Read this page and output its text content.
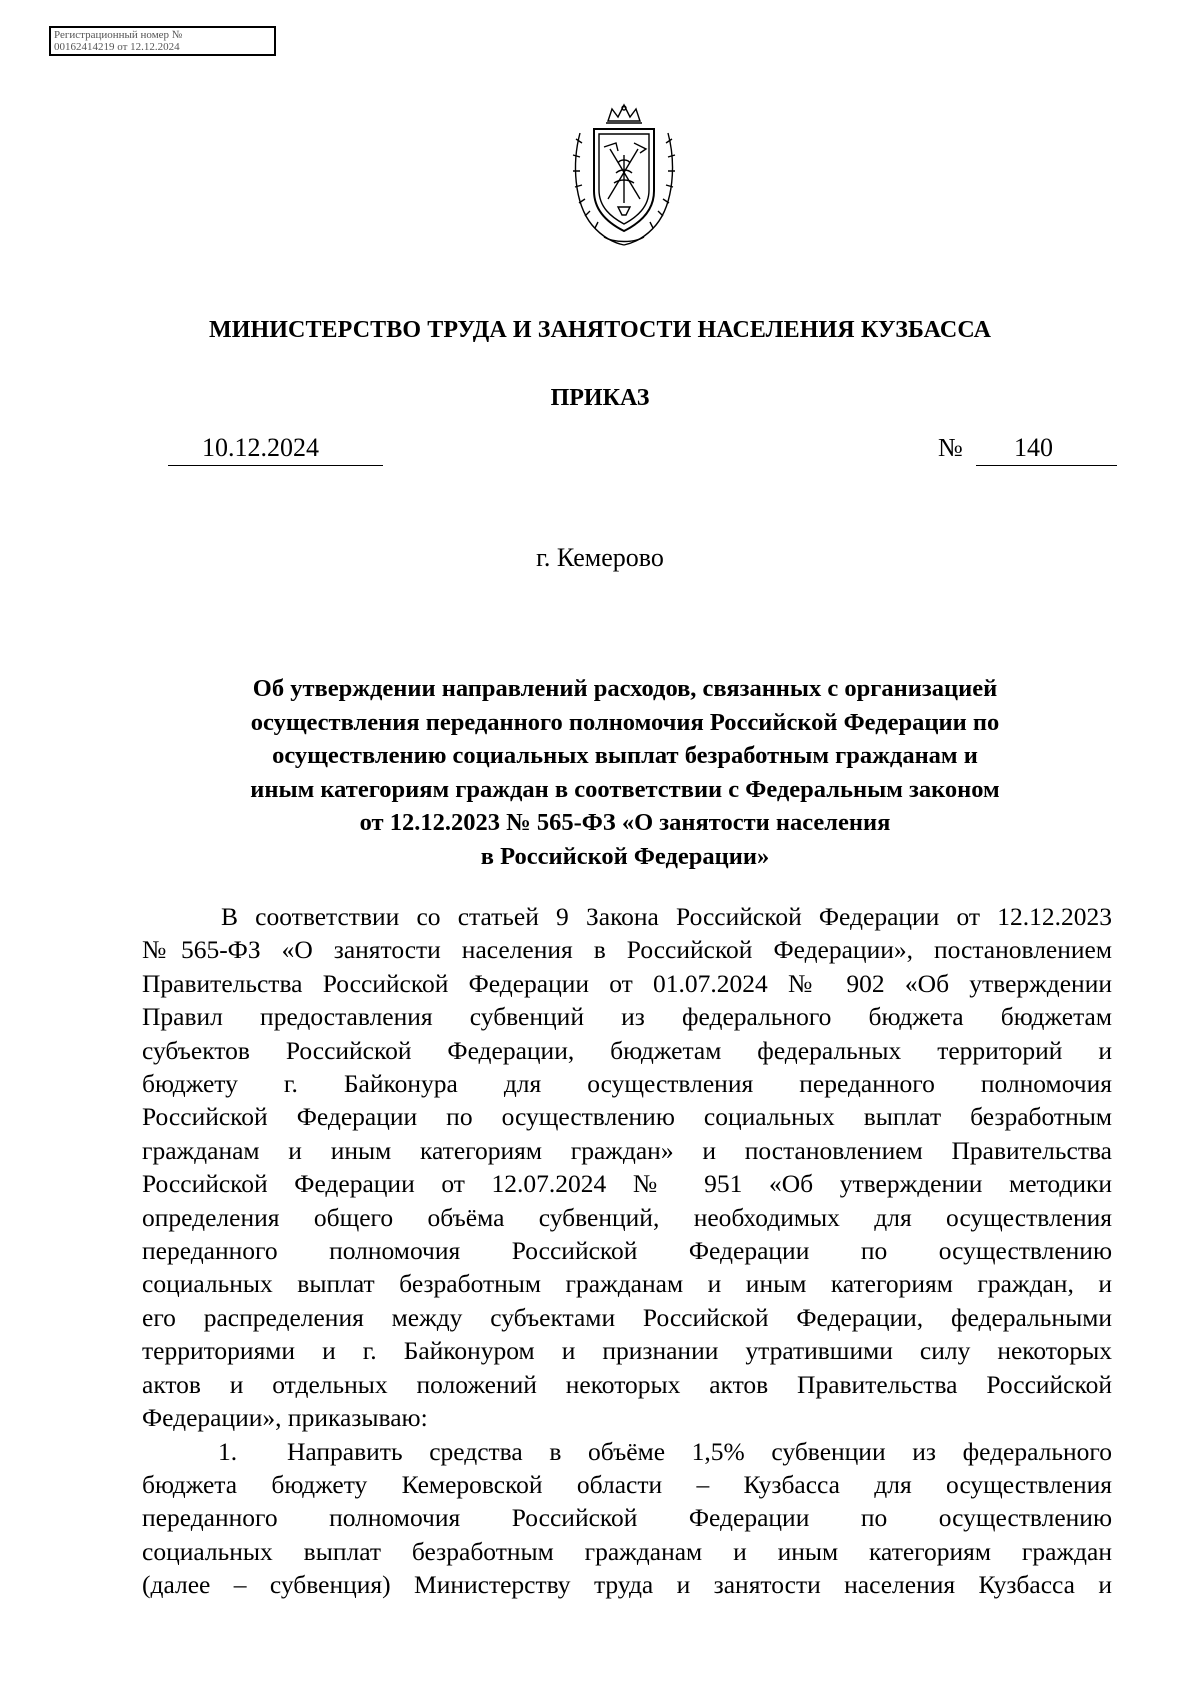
Регистрационный номер №
00162414219 от 12.12.2024
МИНИСТЕРСТВО ТРУДА И ЗАНЯТОСТИ НАСЕЛЕНИЯ КУЗБАССА
ПРИКАЗ
10.12.2024	№	140
г. Кемерово
Об утверждении направлений расходов, связанных с организацией
осуществления переданного полномочия Российской Федерации по
осуществлению социальных выплат безработным гражданам и
иным категориям граждан в соответствии с Федеральным законом
от 12.12.2023 № 565-ФЗ «О занятости населения
в Российской Федерации»
В соответствии со статьей 9 Закона Российской Федерации от 12.12.2023
№565-ФЗ «О занятости населения в Российской Федерации», постановлением
Правительства Российской Федерации от 01.07.2024 № 902 «Об утверждении
Правил предоставления субвенций из федерального бюджета бюджетам
субъектов Российской Федерации, бюджетам федеральных территорий и
бюджету г. Байконура для осуществления переданного полномочия
Российской Федерации по осуществлению социальных выплат безработным
гражданам и иным категориям граждан» и постановлением Правительства
Российской Федерации от 12.07.2024 № 951 «Об утверждении методики
определения общего объёма субвенций, необходимых для осуществления
переданного полномочия Российской Федерации по осуществлению
социальных выплат безработным гражданам и иным категориям граждан, и
его распределения между субъектами Российской Федерации, федеральными
территориями и г. Байконуром и признании утратившими силу некоторых
актов и отдельных положений некоторых актов Правительства Российской
Федерации», приказываю:
1. Направить средства в объёме 1,5% субвенции из федерального
бюджета бюджету Кемеровской области – Кузбасса для осуществления
переданного полномочия Российской Федерации по осуществлению
социальных выплат безработным гражданам и иным категориям граждан
(далее – субвенция) Министерству труда и занятости населения Кузбасса и
